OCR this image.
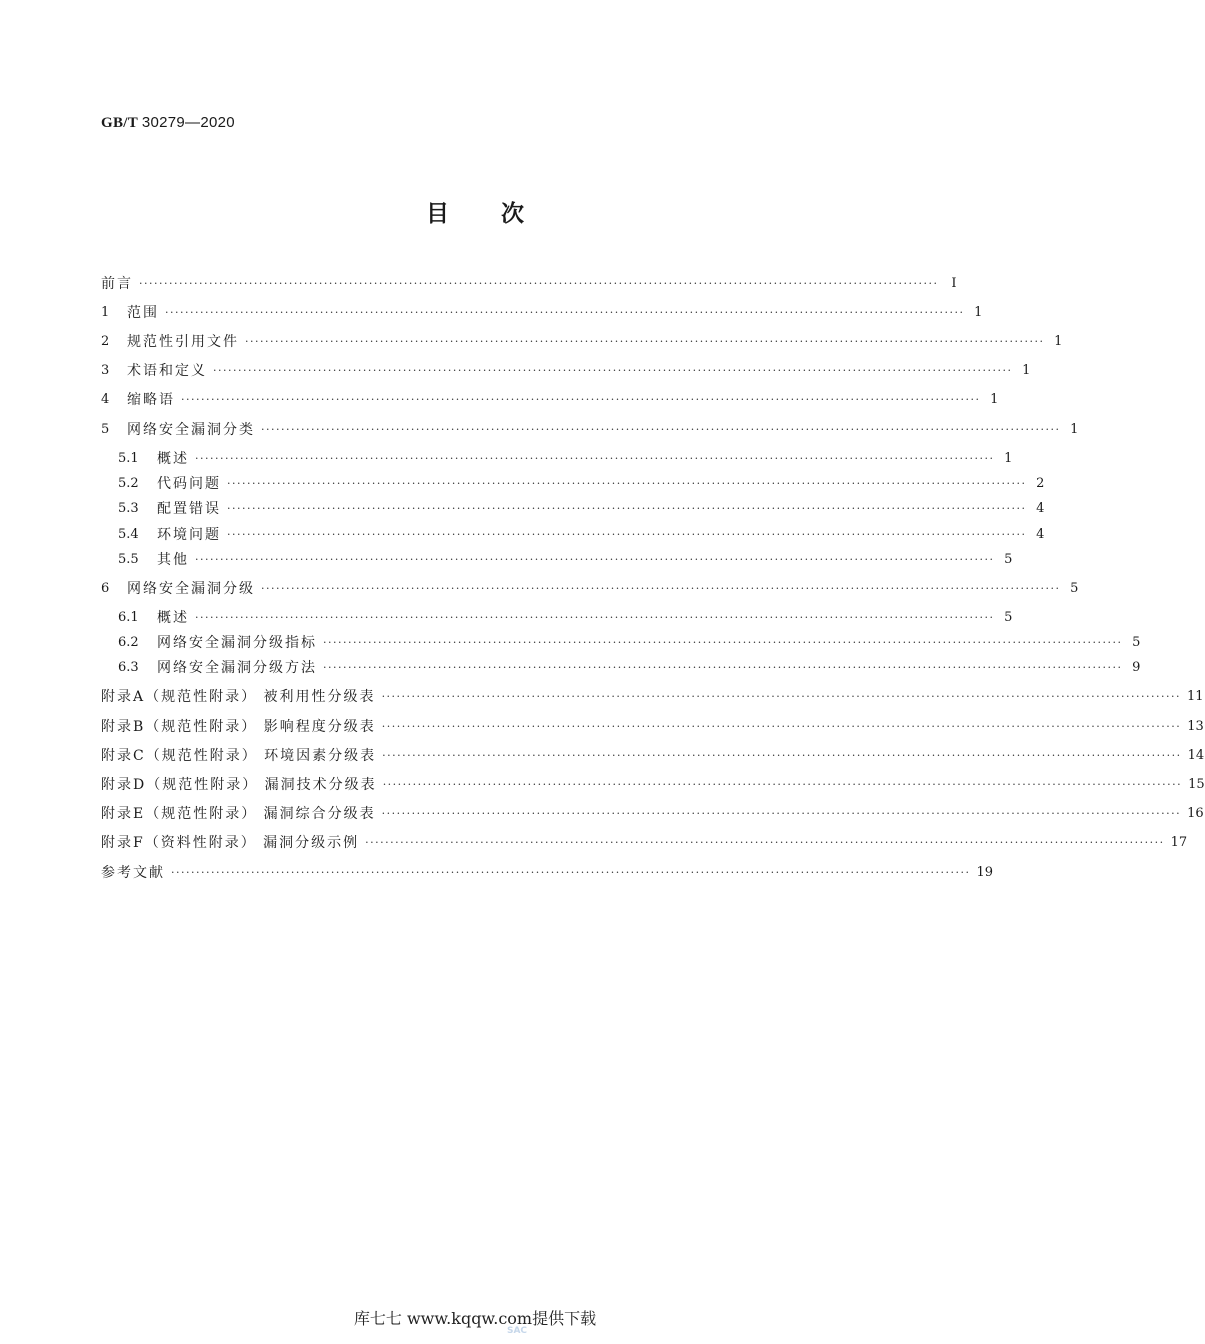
GB/T 30279—2020
目 次
前言 ································································································································································ Ⅰ
1	范围 ································································································································································ 1
2	规范性引用文件 ································································································································································ 1
3	术语和定义 ································································································································································ 1
4	缩略语 ································································································································································ 1
5	网络安全漏洞分类 ································································································································································ 1
5.1	概述 ································································································································································ 1
5.2	代码问题 ································································································································································ 2
5.3	配置错误 ································································································································································ 4
5.4	环境问题 ································································································································································ 4
5.5	其他 ································································································································································ 5
6	网络安全漏洞分级 ································································································································································ 5
6.1	概述 ································································································································································ 5
6.2	网络安全漏洞分级指标 ································································································································································ 5
6.3	网络安全漏洞分级方法 ································································································································································ 9
附录A（规范性附录） 被利用性分级表 ································································································································································ 11
附录B（规范性附录） 影响程度分级表 ································································································································································ 13
附录C（规范性附录） 环境因素分级表 ································································································································································ 14
附录D（规范性附录） 漏洞技术分级表 ································································································································································ 15
附录E（规范性附录） 漏洞综合分级表 ································································································································································ 16
附录F（资料性附录） 漏洞分级示例 ································································································································································ 17
参考文献 ································································································································································ 19
库七七 www.kqqw.com提供下载
SAC
